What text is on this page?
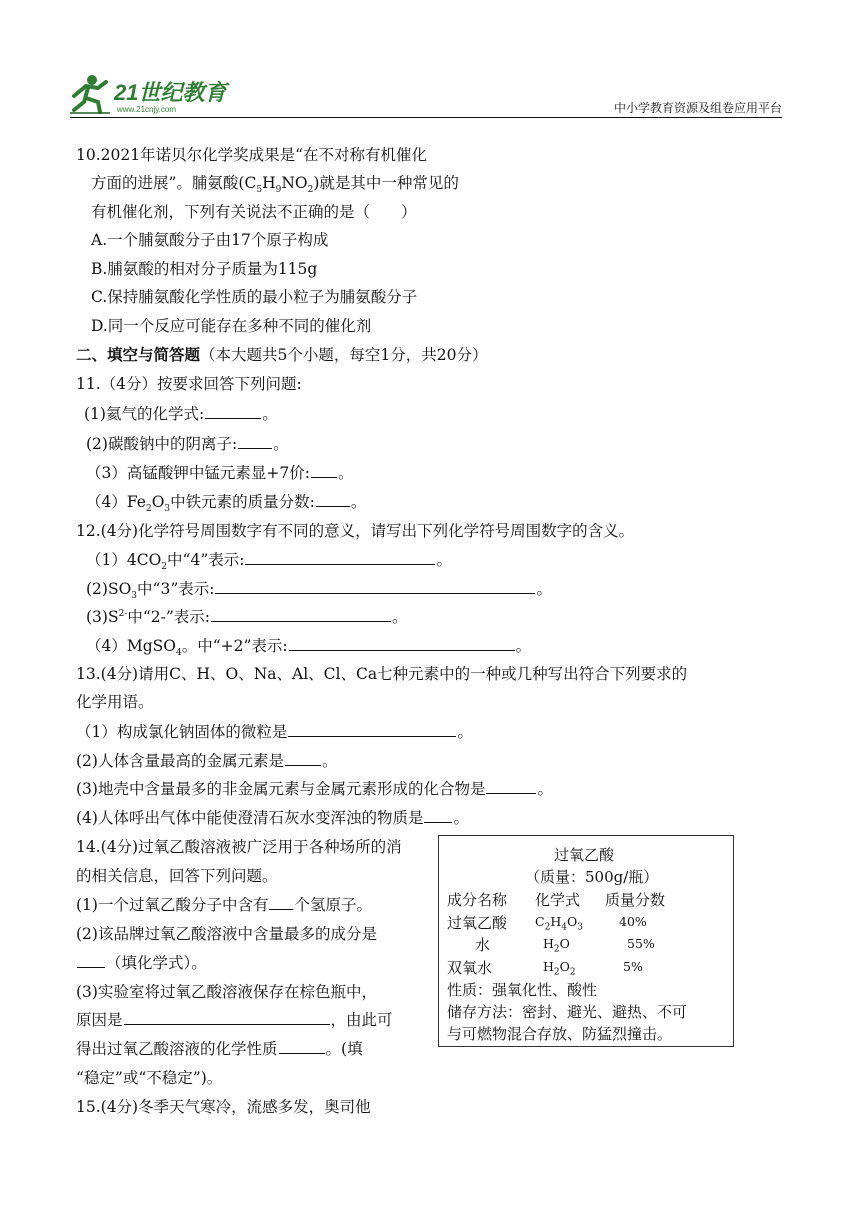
21世纪教育
www.21cnjy.com	中小学教育资源及组卷应用平台
10.2021年诺贝尔化学奖成果是“在不对称有机催化
方面的进展”。脯氨酸$(C_5H_9NO_2)$就是其中一种常见的
有机催化剂，下列有关说法不正确的是（　　）
A.一个脯氨酸分子由17个原子构成
B.脯氨酸的相对分子质量为115g
C.保持脯氨酸化学性质的最小粒子为脯氨酸分子
D.同一个反应可能存在多种不同的催化剂
二、填空与简答题（本大题共5个小题，每空1分，共20分）
11.（4分）按要求回答下列问题:
(1)氦气的化学式:	。
(2)碳酸钠中的阴离子: 。
（3）高锰酸钾中锰元素显+7价: 。
$(4)Fe_2O_3$中铁元素的质量分数: 。
12.(4分)化学符号周围数字有不同的意义，请写出下列化学符号周围数字的含义。
$(1)4CO_2$中“4”表示:	。
$(2)SO_3$中“3”表示:	。
$(3)S^{2-}$中“2-”表示:	。
（4）MgSO$_4$。中“+2”表示:	。
13.(4分)请用C、H、O、Na、Al、Cl、Ca七种元素中的一种或几种写出符合下列要求的
化学用语。
（1）构成氯化钠固体的微粒是	。
(2)人体含量最高的金属元素是 。
(3)地壳中含量最多的非金属元素与金属元素形成的化合物是	。
(4)人体呼出气体中能使澄清石灰水变浑浊的物质是 。
14.(4分)过氧乙酸溶液被广泛用于各种场所的消
的相关信息，回答下列问题。
(1)一个过氧乙酸分子中含有 个氢原子。
(2)该品牌过氧乙酸溶液中含量最多的成分是
（填化学式）。
(3)实验室将过氧乙酸溶液保存在棕色瓶中，
原因是	，由此可
得出过氧乙酸溶液的化学性质	。(填
“稳定”或“不稳定”)。
15.(4分)冬季天气寒冷，流感多发，奥司他
过氧乙酸
（质量：500g/瓶）
成分名称 化学式 质量分数
过氧乙酸 $C_2H_4O_3$	40%
水	$H_2O$	55%
双氧水	$H_2O_2$	5%
性质：强氧化性、酸性
储存方法：密封、避光、避热、不可
与可燃物混合存放、防猛烈撞击。
